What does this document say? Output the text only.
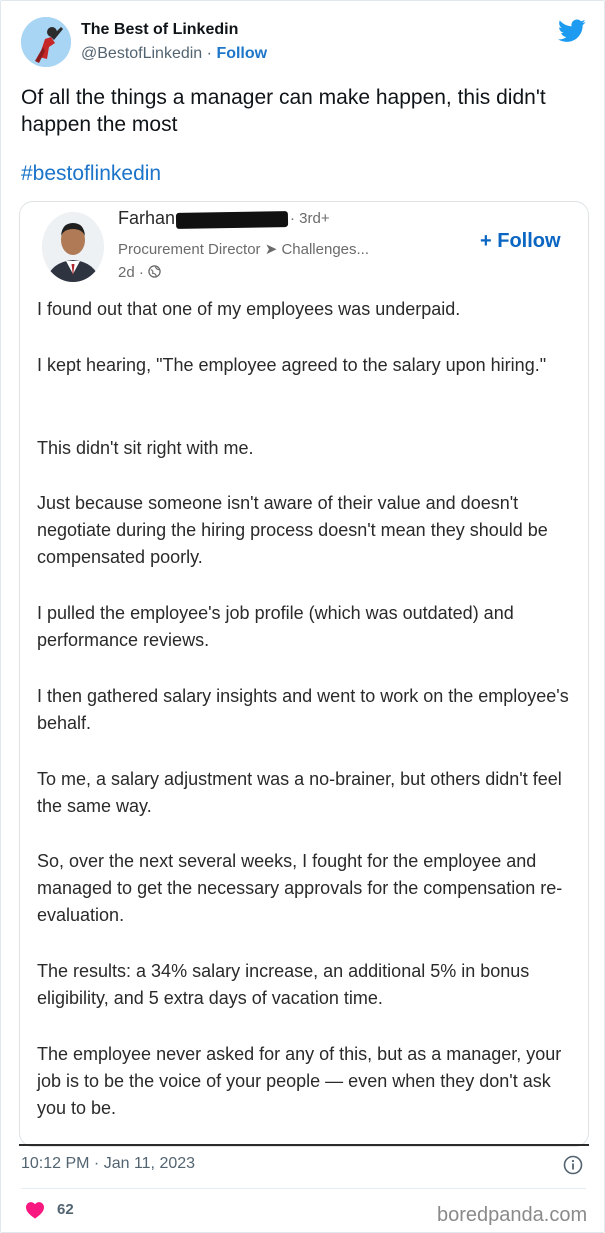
The Best of Linkedin
@BestofLinkedin · Follow
Of all the things a manager can make happen, this didn't happen the most
#bestoflinkedin
Farhan	· 3rd+
Procurement Director ➤ Challenges...
2d ·
+ Follow
I found out that one of my employees was underpaid.
I kept hearing, "The employee agreed to the salary upon hiring."
This didn't sit right with me.
Just because someone isn't aware of their value and doesn't negotiate during the hiring process doesn't mean they should be compensated poorly.
I pulled the employee's job profile (which was outdated) and performance reviews.
I then gathered salary insights and went to work on the employee's behalf.
To me, a salary adjustment was a no-brainer, but others didn't feel the same way.
So, over the next several weeks, I fought for the employee and managed to get the necessary approvals for the compensation re-evaluation.
The results: a 34% salary increase, an additional 5% in bonus eligibility, and 5 extra days of vacation time.
The employee never asked for any of this, but as a manager, your job is to be the voice of your people — even when they don't ask you to be.
10:12 PM · Jan 11, 2023
62	boredpanda.com
